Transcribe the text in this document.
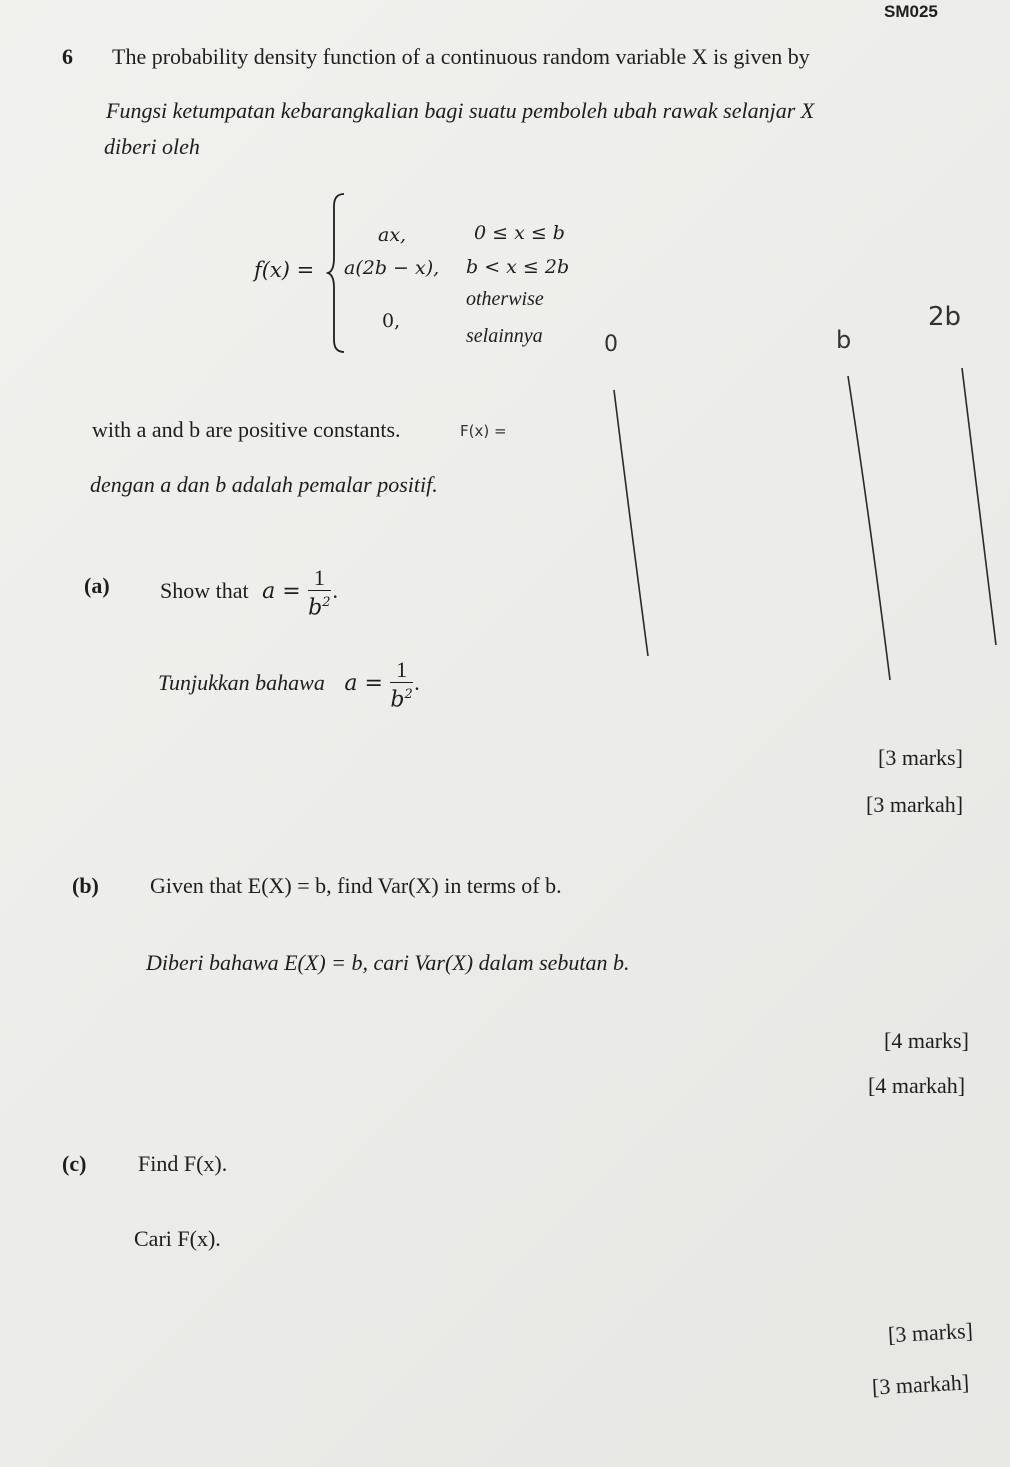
SM025
6 The probability density function of a continuous random variable X is given by
Fungsi ketumpatan kebarangkalian bagi suatu pemboleh ubah rawak selanjar X
diberi oleh
f(x) =
ax,	0 ≤ x ≤ b
a(2b − x), b < x ≤ 2b
0,
otherwise
selainnya
with a and b are positive constants.
dengan a dan b adalah pemalar positif.
(a) Show that $a = \frac{1}{b^2}$ .
Tunjukkan bahawa $a = \frac{1}{b^2}$ .
[3 marks]
[3 markah]
(b) Given that E(X) = b, find Var(X) in terms of b.
Diberi bahawa E(X) = b, cari Var(X) dalam sebutan b.
[4 marks]
[4 markah]
(c) Find F(x).
Cari F(x).
[3 marks]
[3 markah]
0	b
2b
F(x) =
